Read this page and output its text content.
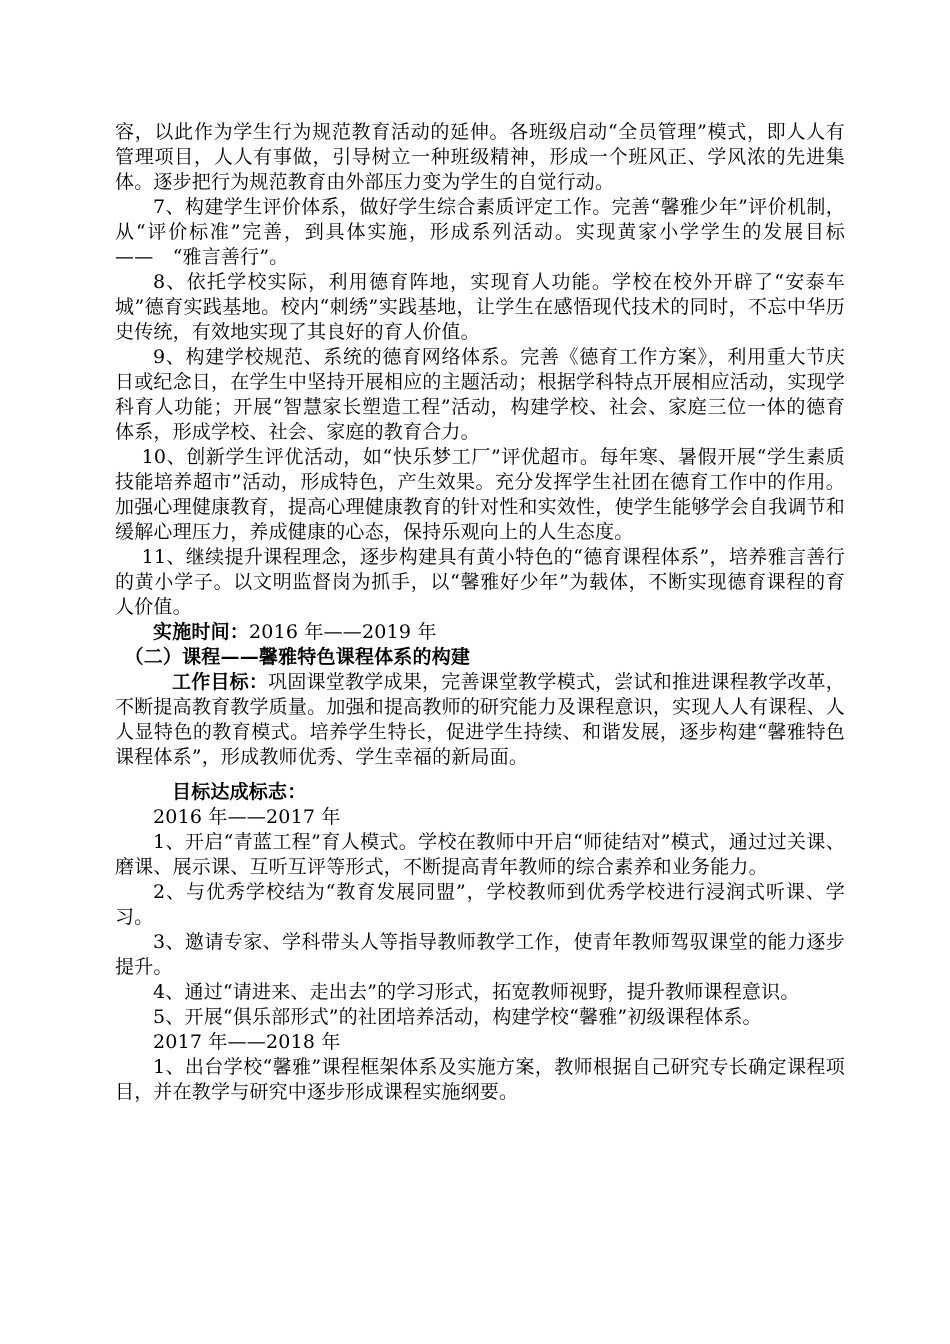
容，以此作为学生行为规范教育活动的延伸。各班级启动“全员管理”模式，即人人有管理项目，人人有事做，引导树立一种班级精神，形成一个班风正、学风浓的先进集体。逐步把行为规范教育由外部压力变为学生的自觉行动。

7、构建学生评价体系，做好学生综合素质评定工作。完善“馨雅少年”评价机制，从“评价标准”完善，到具体实施，形成系列活动。实现黄家小学学生的发展目标——　“雅言善行”。

8、依托学校实际，利用德育阵地，实现育人功能。学校在校外开辟了“安泰车城”德育实践基地。校内“刺绣”实践基地，让学生在感悟现代技术的同时，不忘中华历史传统，有效地实现了其良好的育人价值。

9、构建学校规范、系统的德育网络体系。完善《德育工作方案》，利用重大节庆日或纪念日，在学生中坚持开展相应的主题活动；根据学科特点开展相应活动，实现学科育人功能；开展“智慧家长塑造工程”活动，构建学校、社会、家庭三位一体的德育体系，形成学校、社会、家庭的教育合力。

10、创新学生评优活动，如“快乐梦工厂”评优超市。每年寒、暑假开展“学生素质技能培养超市”活动，形成特色，产生效果。充分发挥学生社团在德育工作中的作用。加强心理健康教育，提高心理健康教育的针对性和实效性，使学生能够学会自我调节和缓解心理压力，养成健康的心态，保持乐观向上的人生态度。

11、继续提升课程理念，逐步构建具有黄小特色的“德育课程体系”，培养雅言善行的黄小学子。以文明监督岗为抓手，以“馨雅好少年”为载体，不断实现德育课程的育人价值。

实施时间：2016 年——2019 年

（二）课程——馨雅特色课程体系的构建

工作目标：巩固课堂教学成果，完善课堂教学模式，尝试和推进课程教学改革，不断提高教育教学质量。加强和提高教师的研究能力及课程意识，实现人人有课程、人人显特色的教育模式。培养学生特长，促进学生持续、和谐发展，逐步构建“馨雅特色课程体系”，形成教师优秀、学生幸福的新局面。

目标达成标志：

2016 年——2017 年

1、开启“青蓝工程”育人模式。学校在教师中开启“师徒结对”模式，通过过关课、磨课、展示课、互听互评等形式，不断提高青年教师的综合素养和业务能力。

2、与优秀学校结为“教育发展同盟”，学校教师到优秀学校进行浸润式听课、学习。

3、邀请专家、学科带头人等指导教师教学工作，使青年教师驾驭课堂的能力逐步提升。

4、通过“请进来、走出去”的学习形式，拓宽教师视野，提升教师课程意识。

5、开展“俱乐部形式”的社团培养活动，构建学校“馨雅”初级课程体系。

2017 年——2018 年

1、出台学校“馨雅”课程框架体系及实施方案，教师根据自己研究专长确定课程项目，并在教学与研究中逐步形成课程实施纲要。
